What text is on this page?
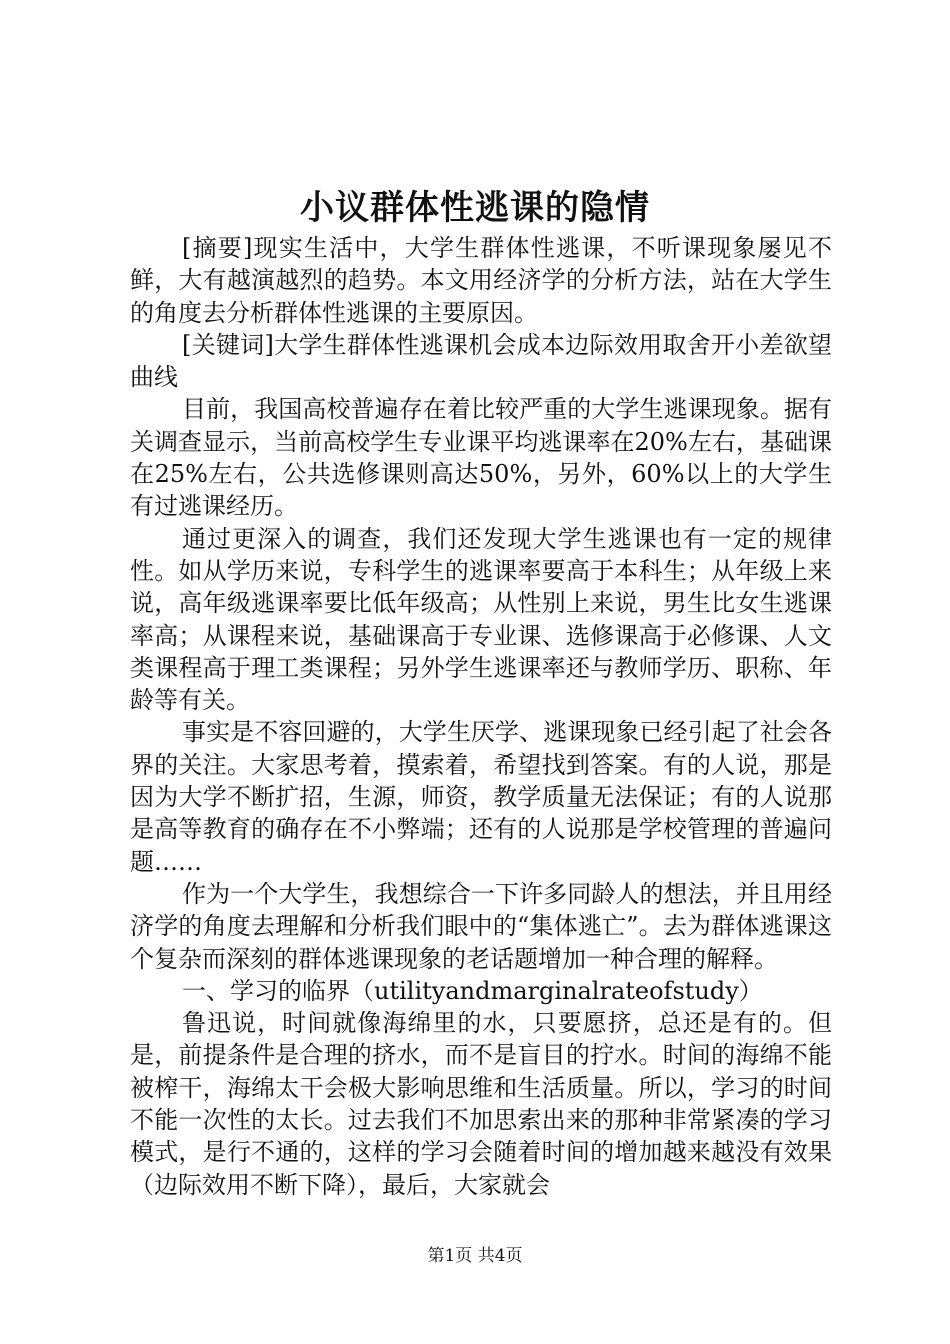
小议群体性逃课的隐情

[摘要]现实生活中，大学生群体性逃课，不听课现象屡见不鲜，大有越演越烈的趋势。本文用经济学的分析方法，站在大学生的角度去分析群体性逃课的主要原因。

[关键词]大学生群体性逃课机会成本边际效用取舍开小差欲望曲线

目前，我国高校普遍存在着比较严重的大学生逃课现象。据有关调查显示，当前高校学生专业课平均逃课率在20%左右，基础课在25%左右，公共选修课则高达50%，另外，60%以上的大学生有过逃课经历。

通过更深入的调查，我们还发现大学生逃课也有一定的规律性。如从学历来说，专科学生的逃课率要高于本科生；从年级上来说，高年级逃课率要比低年级高；从性别上来说，男生比女生逃课率高；从课程来说，基础课高于专业课、选修课高于必修课、人文类课程高于理工类课程；另外学生逃课率还与教师学历、职称、年龄等有关。

事实是不容回避的，大学生厌学、逃课现象已经引起了社会各界的关注。大家思考着，摸索着，希望找到答案。有的人说，那是因为大学不断扩招，生源，师资，教学质量无法保证；有的人说那是高等教育的确存在不小弊端；还有的人说那是学校管理的普遍问题……

作为一个大学生，我想综合一下许多同龄人的想法，并且用经济学的角度去理解和分析我们眼中的“集体逃亡”。去为群体逃课这个复杂而深刻的群体逃课现象的老话题增加一种合理的解释。

一、学习的临界（utilityandmarginalrateofstudy）

鲁迅说，时间就像海绵里的水，只要愿挤，总还是有的。但是，前提条件是合理的挤水，而不是盲目的拧水。时间的海绵不能被榨干，海绵太干会极大影响思维和生活质量。所以，学习的时间不能一次性的太长。过去我们不加思索出来的那种非常紧凑的学习模式，是行不通的，这样的学习会随着时间的增加越来越没有效果（边际效用不断下降），最后，大家就会

第1页 共4页
